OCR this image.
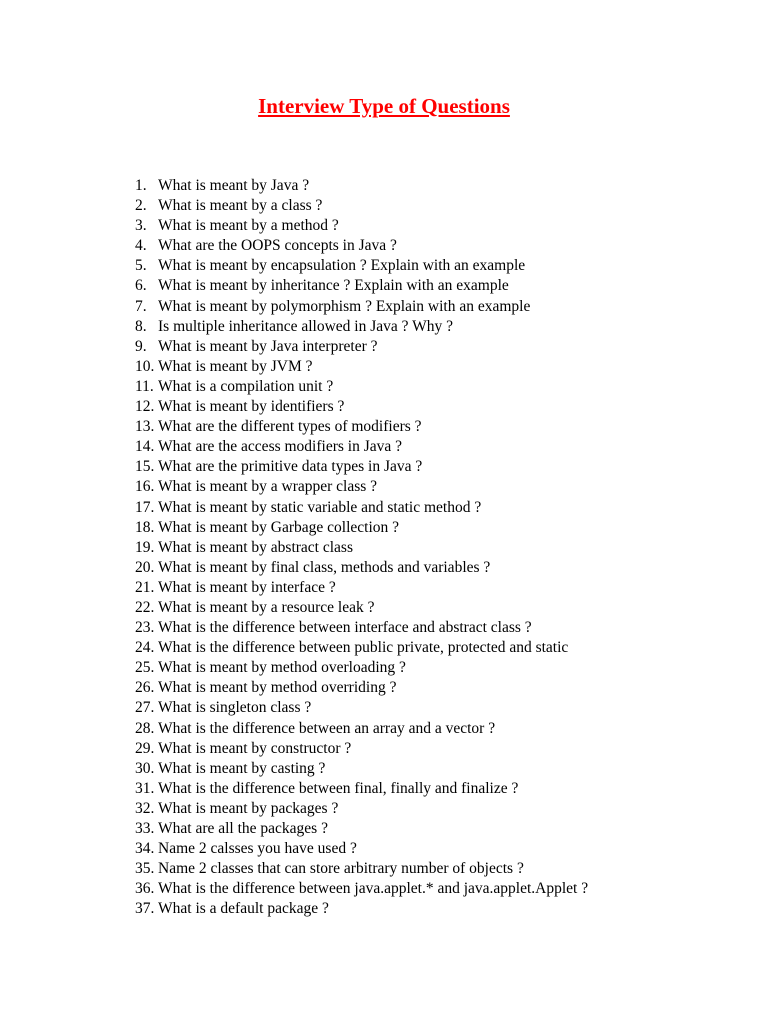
Interview Type of Questions
1. What is meant by Java ?
2. What is meant by a class ?
3. What is meant by a method ?
4. What are the OOPS concepts in Java ?
5. What is meant by encapsulation ? Explain with an example
6. What is meant by inheritance ? Explain with an example
7. What is meant by polymorphism ? Explain with an example
8. Is multiple inheritance allowed in Java ? Why ?
9. What is meant by Java interpreter ?
10. What is meant by JVM ?
11. What is a compilation unit ?
12. What is meant by identifiers ?
13. What are the different types of modifiers ?
14. What are the access modifiers in Java ?
15. What are the primitive data types in Java ?
16. What is meant by a wrapper class ?
17. What is meant by static variable and static method ?
18. What is meant by Garbage collection ?
19. What is meant by abstract class
20. What is meant by final class, methods and variables ?
21. What is meant by interface ?
22. What is meant by a resource leak ?
23. What is the difference between interface and abstract class ?
24. What is the difference between public private, protected and static
25. What is meant by method overloading ?
26. What is meant by method overriding ?
27. What is singleton class ?
28. What is the difference between an array and a vector ?
29. What is meant by constructor ?
30. What is meant by casting ?
31. What is the difference between final, finally and finalize ?
32. What is meant by packages ?
33. What are all the packages ?
34. Name 2 calsses you have used ?
35. Name 2 classes that can store arbitrary number of objects ?
36. What is the difference between java.applet.* and java.applet.Applet ?
37. What is a default package ?
